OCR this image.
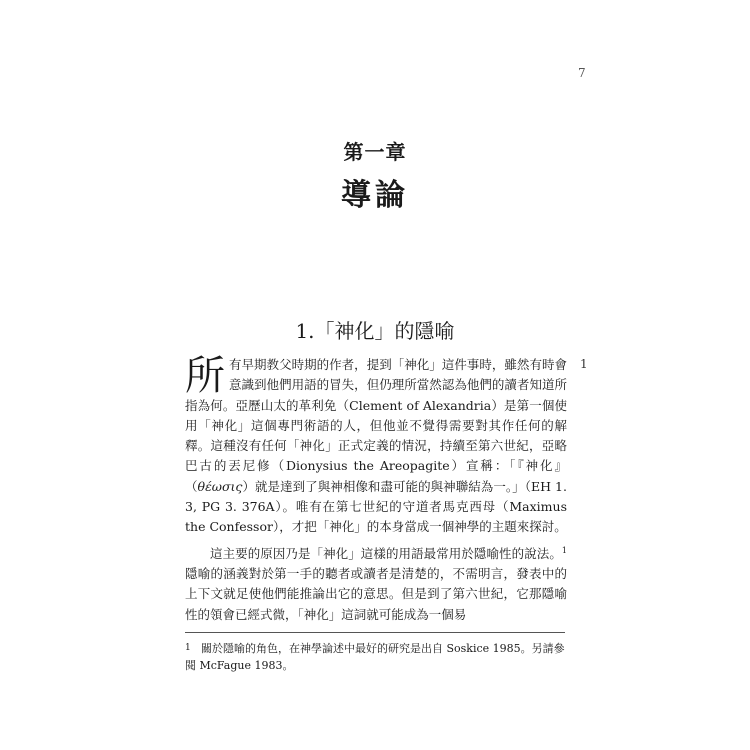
7
第一章
導論
1.「神化」的隱喻
1

所有早期教父時期的作者，提到「神化」這件事時，雖然有時會意識到他們用語的冒失，但仍理所當然認為他們的讀者知道所指為何。亞歷山太的革利免（Clement of Alexandria）是第一個使用「神化」這個專門術語的人，但他並不覺得需要對其作任何的解釋。這種沒有任何「神化」正式定義的情況，持續至第六世紀，亞略巴古的丟尼修（Dionysius the Areopagite）宣稱：「『神化』（θέωσις）就是達到了與神相像和盡可能的與神聯結為一。」（EH 1. 3, PG 3. 376A）。唯有在第七世紀的守道者馬克西母（Maximus the Confessor），才把「神化」的本身當成一個神學的主題來探討。

這主要的原因乃是「神化」這樣的用語最常用於隱喻性的說法。$^1$隱喻的涵義對於第一手的聽者或讀者是清楚的，不需明言，發表中的上下文就足使他們能推論出它的意思。但是到了第六世紀，它那隱喻性的領會已經式微，「神化」這詞就可能成為一個易

1 關於隱喻的角色，在神學論述中最好的研究是出自 Soskice 1985。另請參閱 McFague 1983。
